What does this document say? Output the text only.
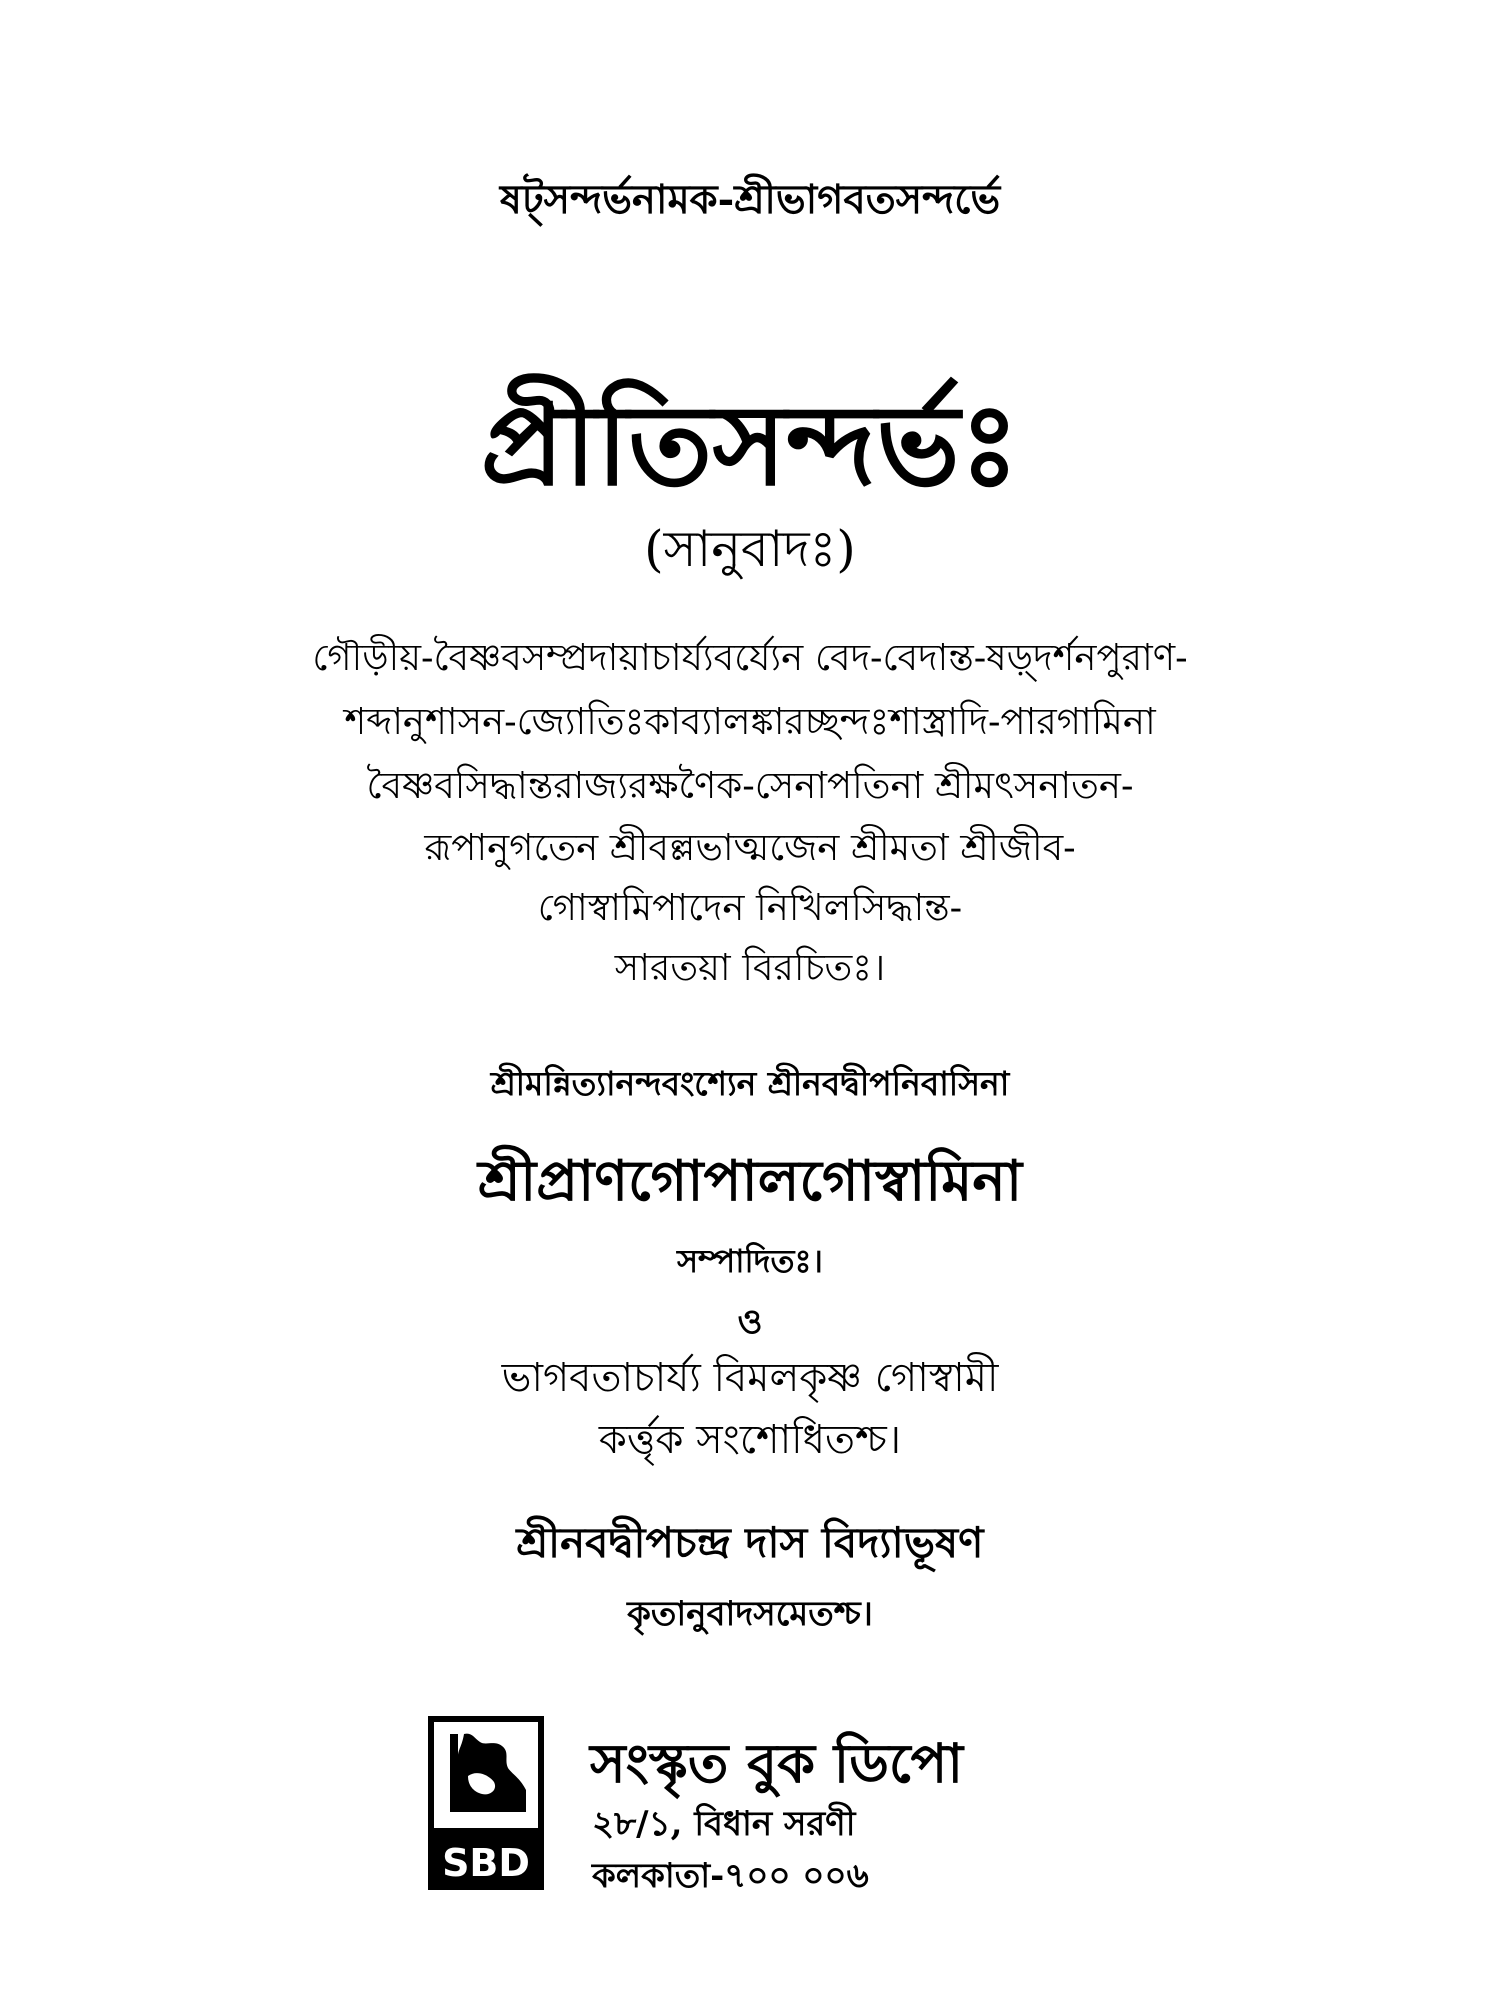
ষট্‌সন্দর্ভনামক-শ্রীভাগবতসন্দর্ভে
প্রীতিসন্দর্ভঃ
(সানুবাদঃ)
গৌড়ীয়-বৈষ্ণবসম্প্রদায়াচার্য্যবর্য্যেন বেদ-বেদান্ত-ষড়্দর্শনপুরাণ-
শব্দানুশাসন-জ্যোতিঃকাব্যালঙ্কারচ্ছন্দঃশাস্ত্রাদি-পারগামিনা
বৈষ্ণবসিদ্ধান্তরাজ্যরক্ষণৈক-সেনাপতিনা শ্রীমৎসনাতন-
রূপানুগতেন শ্রীবল্লভাত্মজেন শ্রীমতা শ্রীজীব-
গোস্বামিপাদেন নিখিলসিদ্ধান্ত-
সারতয়া বিরচিতঃ।
শ্রীমন্নিত্যানন্দবংশ্যেন শ্রীনবদ্বীপনিবাসিনা
শ্রীপ্রাণগোপালগোস্বামিনা
সম্পাদিতঃ।
ও
ভাগবতাচার্য্য বিমলকৃষ্ণ গোস্বামী
কর্ত্তৃক সংশোধিতশ্চ।
শ্রীনবদ্বীপচন্দ্র দাস বিদ্যাভূষণ
কৃতানুবাদসমেতশ্চ।
SBD
সংস্কৃত বুক ডিপো
২৮/১, বিধান সরণী
কলকাতা-৭০০ ০০৬
